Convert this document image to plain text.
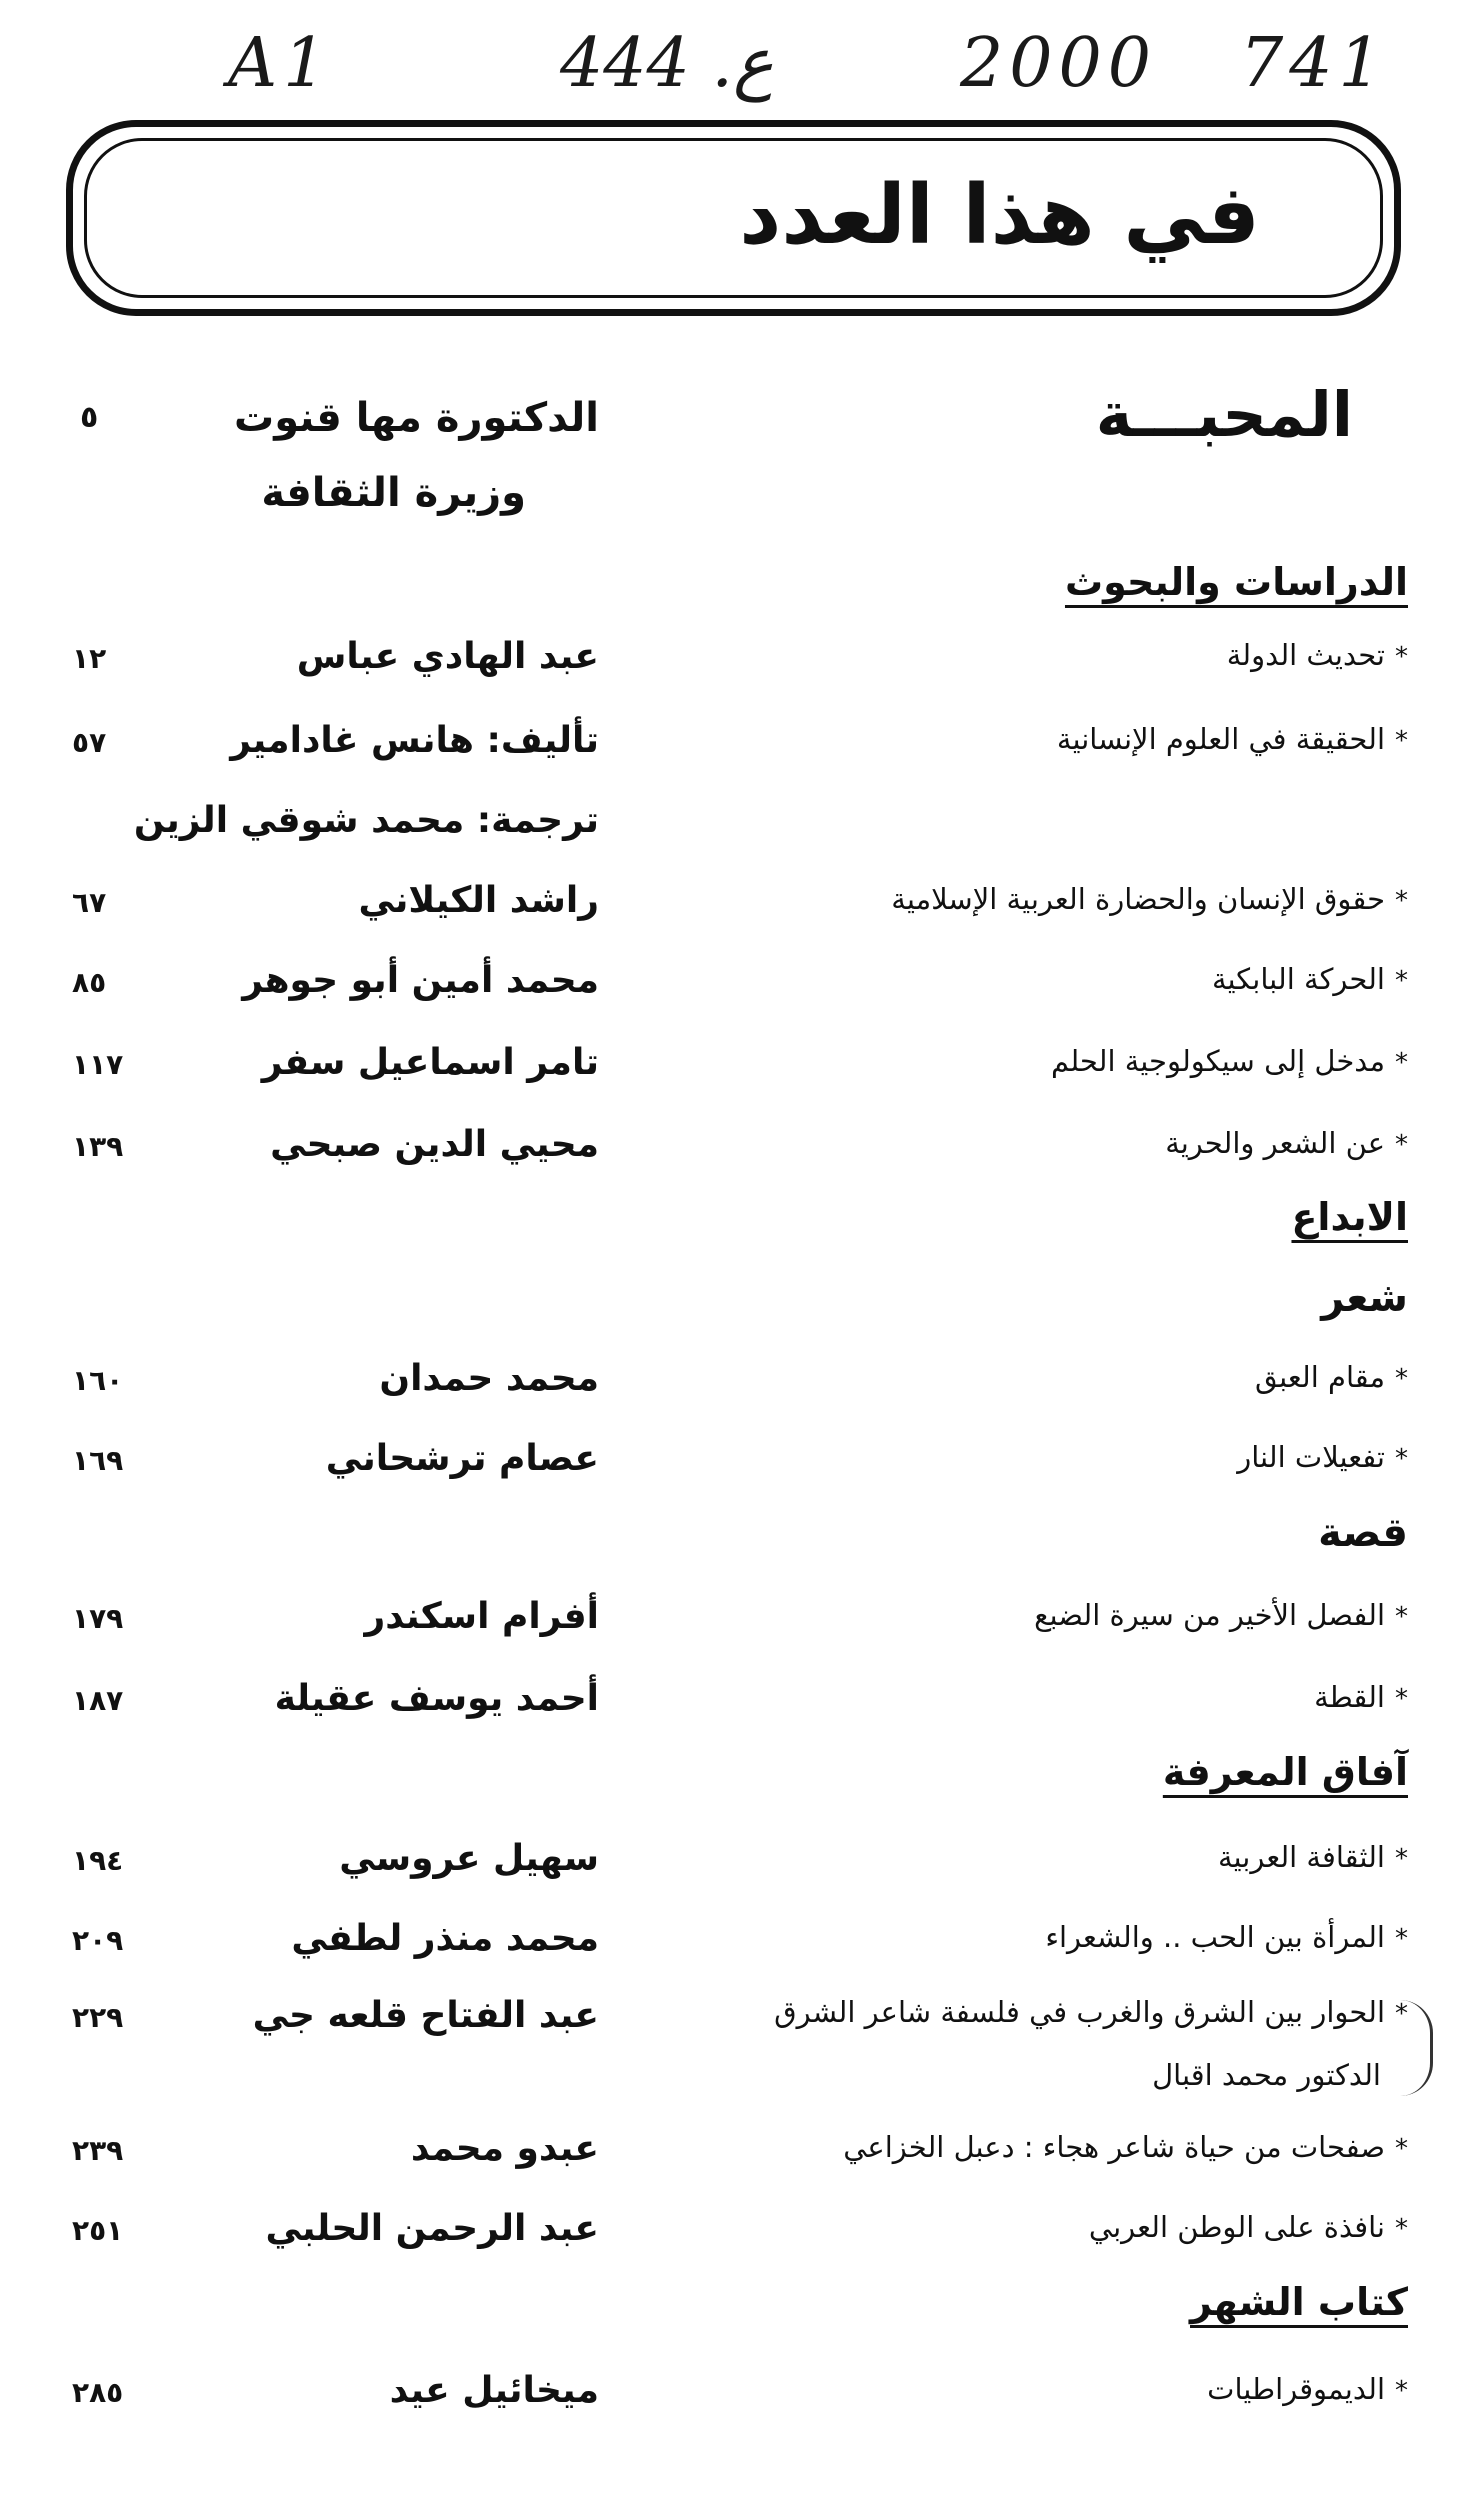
A1	444 .ع	2000 741
في هذا العدد
المحبـــة
الدكتورة مها قنوت
وزيرة الثقافة
٥
الدراسات والبحوث
*تحديث الدولة
عبد الهادي عباس
١٢
*الحقيقة في العلوم الإنسانية
تأليف: هانس غادامير
ترجمة: محمد شوقي الزين
٥٧
*حقوق الإنسان والحضارة العربية الإسلامية
راشد الكيلاني
٦٧
*الحركة البابكية
محمد أمين أبو جوهر
٨٥
*مدخل إلى سيكولوجية الحلم
تامر اسماعيل سفر
١١٧
*عن الشعر والحرية
محيي الدين صبحي
١٣٩
الابداع
شعر
*مقام العبق
محمد حمدان
١٦٠
*تفعيلات النار
عصام ترشحاني
١٦٩
قصة
*الفصل الأخير من سيرة الضبع
أفرام اسكندر
١٧٩
*القطة
أحمد يوسف عقيلة
١٨٧
آفاق المعرفة
*الثقافة العربية
سهيل عروسي
١٩٤
*المرأة بين الحب .. والشعراء
محمد منذر لطفي
٢٠٩
*الحوار بين الشرق والغرب في فلسفة شاعر الشرق
الدكتور محمد اقبال
عبد الفتاح قلعه جي
٢٢٩
*صفحات من حياة شاعر هجاء : دعبل الخزاعي
عبدو محمد
٢٣٩
*نافذة على الوطن العربي
عبد الرحمن الحلبي
٢٥١
كتاب الشهر
*الديموقراطيات
ميخائيل عيد
٢٨٥
